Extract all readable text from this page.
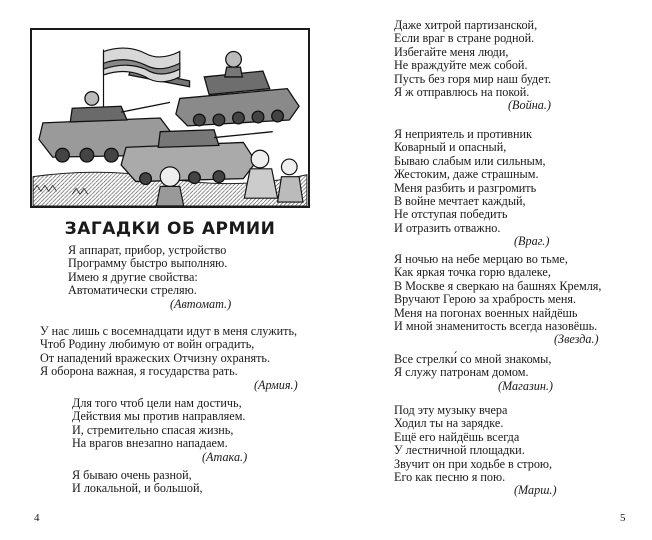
ЗАГАДКИ ОБ АРМИИ
Я аппарат, прибор, устройство
Программу быстро выполняю.
Имею я другие свойства:
Автоматически стреляю.
(Автомат.)
У нас лишь с восемнадцати идут в меня служить,
Чтоб Родину любимую от войн оградить,
От нападений вражеских Отчизну охранять.
Я оборона важная, я государства рать.
(Армия.)
Для того чтоб цели нам достичь,
Действия мы против направляем.
И, стремительно спасая жизнь,
На врагов внезапно нападаем.
(Атака.)
Я бываю очень разной,
И локальной, и большой,
4
Даже хитрой партизанской,
Если враг в стране родной.
Избегайте меня люди,
Не враждуйте меж собой.
Пусть без горя мир наш будет.
Я ж отправлюсь на покой.
(Война.)
Я неприятель и противник
Коварный и опасный,
Бываю слабым или сильным,
Жестоким, даже страшным.
Меня разбить и разгромить
В войне мечтает каждый,
Не отступая победить
И отразить отважно.
(Враг.)
Я ночью на небе мерцаю во тьме,
Как яркая точка горю вдалеке,
В Москве я сверкаю на башнях Кремля,
Вручают Герою за храбрость меня.
Меня на погонах военных найдёшь
И мной знаменитость всегда назовёшь.
(Звезда.)
Все стрелки́ со мной знакомы,
Я служу патронам домом.
(Магазин.)
Под эту музыку вчера
Ходил ты на зарядке.
Ещё его найдёшь всегда
У лестничной площадки.
Звучит он при ходьбе в строю,
Его как песню я пою.
(Марш.)
5
